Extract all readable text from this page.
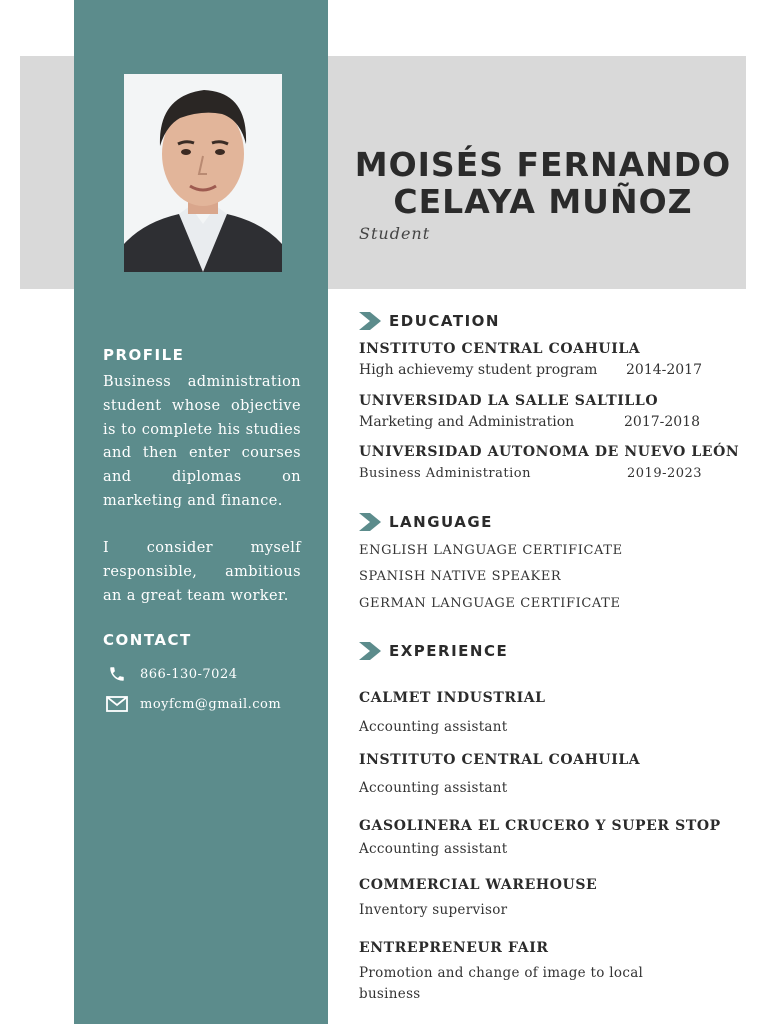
MOISÉS FERNANDO
CELAYA MUÑOZ
Student
PROFILE
Business administration student whose objective is to complete his studies and then enter courses and diplomas on marketing and finance.
I consider myself responsible, ambitious an a great team worker.
CONTACT
866-130-7024
moyfcm@gmail.com
EDUCATION
INSTITUTO CENTRAL COAHUILA
High achievemy student program 2014-2017
UNIVERSIDAD LA SALLE SALTILLO
Marketing and Administration	2017-2018
UNIVERSIDAD AUTONOMA DE NUEVO LEÓN
Business Administration	2019-2023
LANGUAGE
ENGLISH LANGUAGE CERTIFICATE
SPANISH NATIVE SPEAKER
GERMAN LANGUAGE CERTIFICATE
EXPERIENCE
CALMET INDUSTRIAL
Accounting assistant
INSTITUTO CENTRAL COAHUILA
Accounting assistant
GASOLINERA EL CRUCERO Y SUPER STOP
Accounting assistant
COMMERCIAL WAREHOUSE
Inventory supervisor
ENTREPRENEUR FAIR
Promotion and change of image to local business
